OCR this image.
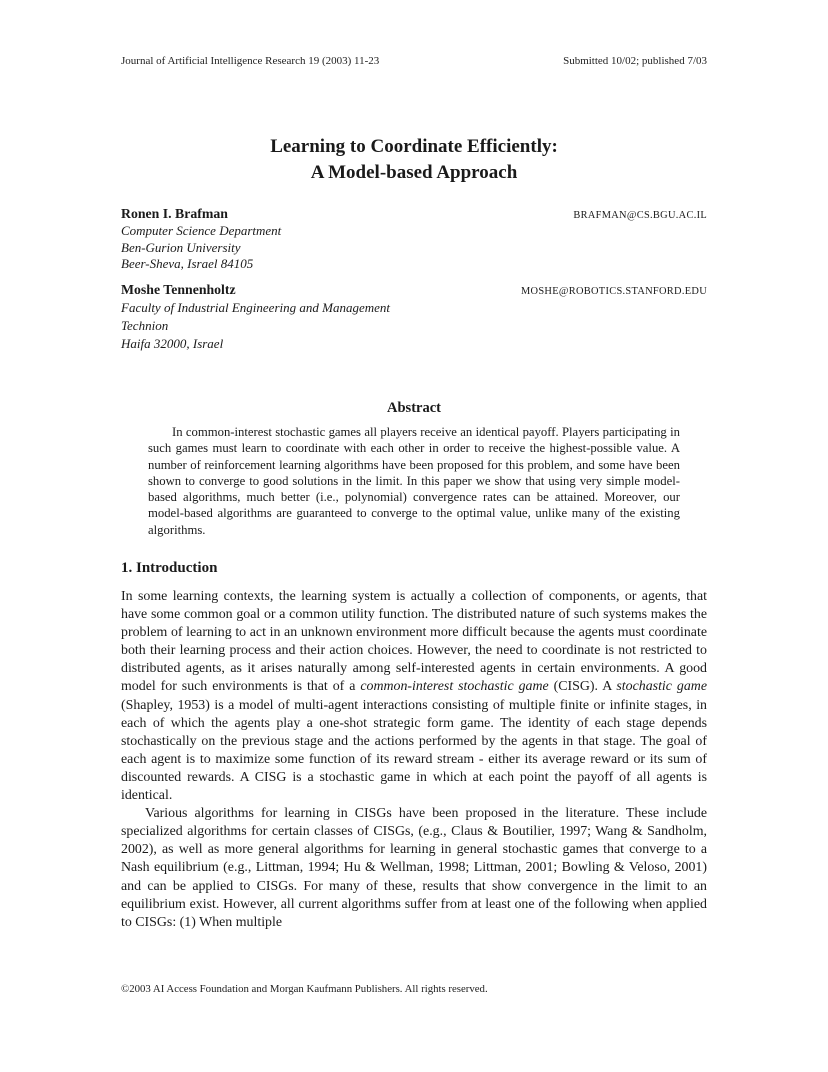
Journal of Artificial Intelligence Research 19 (2003) 11-23	Submitted 10/02; published 7/03
Learning to Coordinate Efficiently:
A Model-based Approach
Ronen I. Brafman	BRAFMAN@CS.BGU.AC.IL
Computer Science Department
Ben-Gurion University
Beer-Sheva, Israel 84105
Moshe Tennenholtz	MOSHE@ROBOTICS.STANFORD.EDU
Faculty of Industrial Engineering and Management
Technion
Haifa 32000, Israel
Abstract

In common-interest stochastic games all players receive an identical payoff. Players participating in such games must learn to coordinate with each other in order to receive the highest-possible value. A number of reinforcement learning algorithms have been proposed for this problem, and some have been shown to converge to good solutions in the limit. In this paper we show that using very simple model-based algorithms, much better (i.e., polynomial) convergence rates can be attained. Moreover, our model-based algorithms are guaranteed to converge to the optimal value, unlike many of the existing algorithms.

1. Introduction

In some learning contexts, the learning system is actually a collection of components, or agents, that have some common goal or a common utility function. The distributed nature of such systems makes the problem of learning to act in an unknown environment more difficult because the agents must coordinate both their learning process and their action choices. However, the need to coordinate is not restricted to distributed agents, as it arises naturally among self-interested agents in certain environments. A good model for such environments is that of a common-interest stochastic game (CISG). A stochastic game (Shapley, 1953) is a model of multi-agent interactions consisting of multiple finite or infinite stages, in each of which the agents play a one-shot strategic form game. The identity of each stage depends stochastically on the previous stage and the actions performed by the agents in that stage. The goal of each agent is to maximize some function of its reward stream - either its average reward or its sum of discounted rewards. A CISG is a stochastic game in which at each point the payoff of all agents is identical.

Various algorithms for learning in CISGs have been proposed in the literature. These include specialized algorithms for certain classes of CISGs, (e.g., Claus & Boutilier, 1997; Wang & Sandholm, 2002), as well as more general algorithms for learning in general stochastic games that converge to a Nash equilibrium (e.g., Littman, 1994; Hu & Wellman, 1998; Littman, 2001; Bowling & Veloso, 2001) and can be applied to CISGs. For many of these, results that show convergence in the limit to an equilibrium exist. However, all current algorithms suffer from at least one of the following when applied to CISGs: (1) When multiple

©2003 AI Access Foundation and Morgan Kaufmann Publishers. All rights reserved.
